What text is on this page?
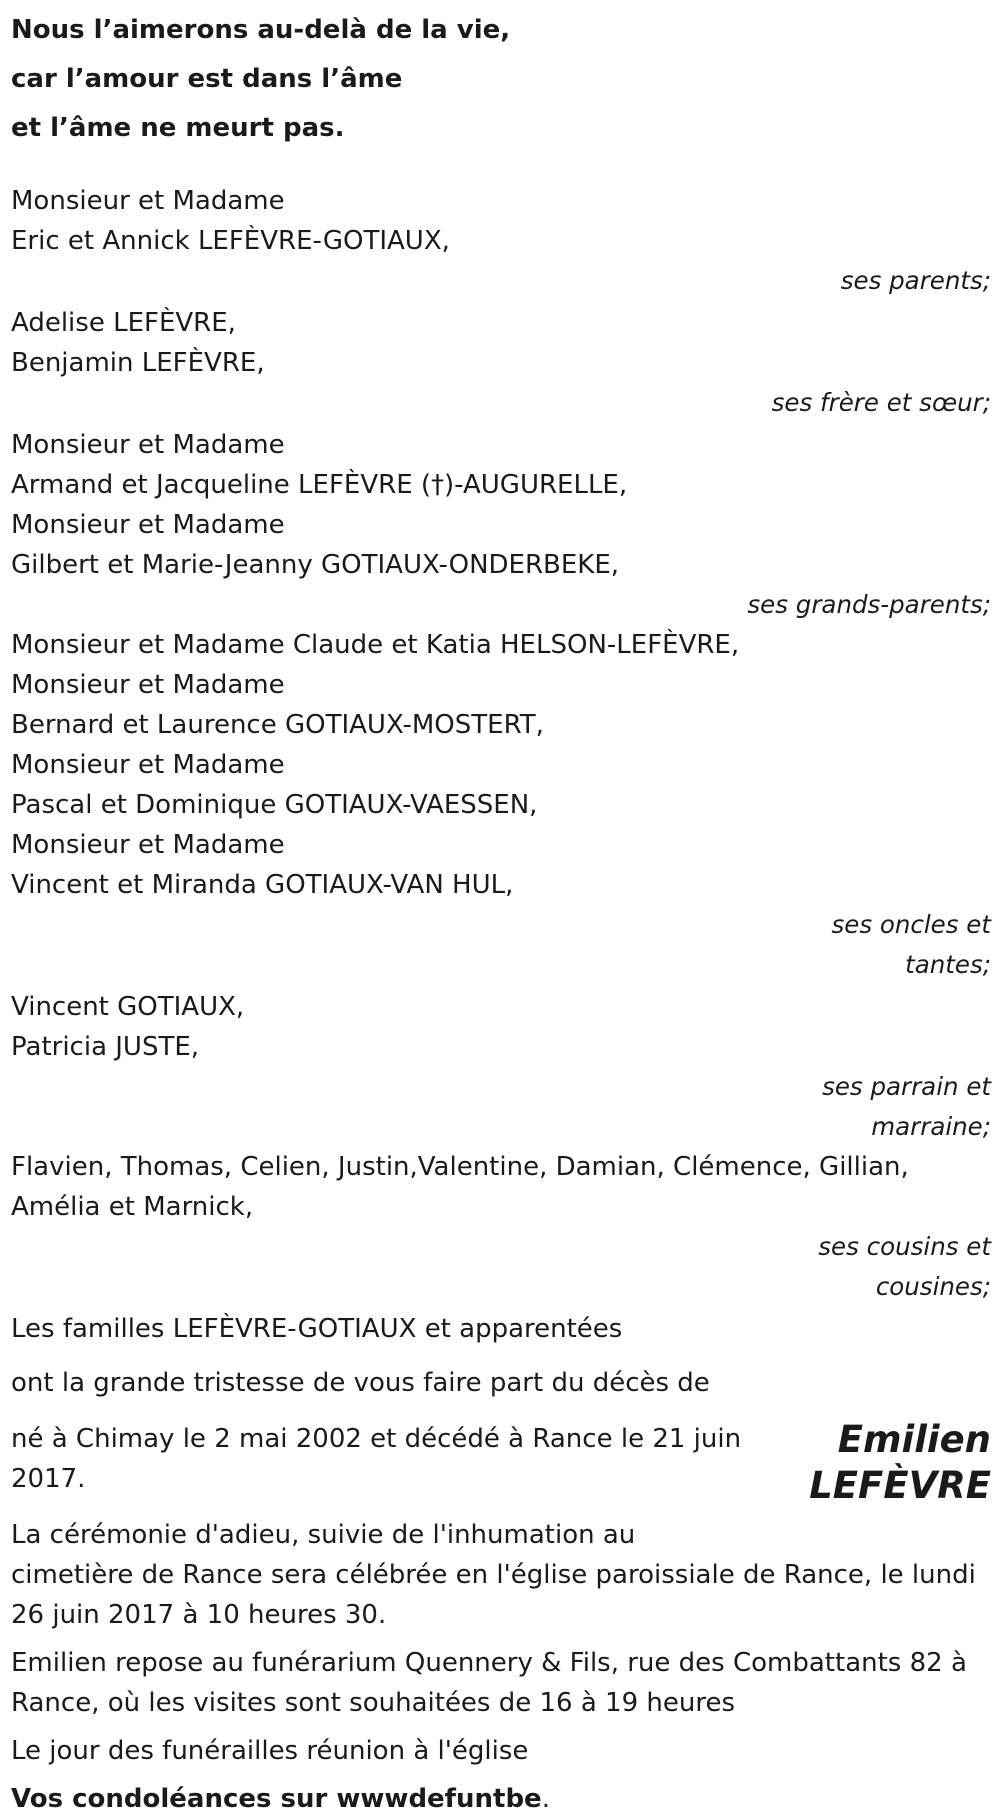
Nous l’aimerons au-delà de la vie,
car l’amour est dans l’âme
et l’âme ne meurt pas.
Monsieur et Madame
Eric et Annick LEFÈVRE-GOTIAUX,
ses parents;
Adelise LEFÈVRE,
Benjamin LEFÈVRE,
ses frère et sœur;
Monsieur et Madame
Armand et Jacqueline LEFÈVRE (†)-AUGURELLE,
Monsieur et Madame
Gilbert et Marie-Jeanny GOTIAUX-ONDERBEKE,
ses grands-parents;
Monsieur et Madame Claude et Katia HELSON-LEFÈVRE,
Monsieur et Madame
Bernard et Laurence GOTIAUX-MOSTERT,
Monsieur et Madame
Pascal et Dominique GOTIAUX-VAESSEN,
Monsieur et Madame
Vincent et Miranda GOTIAUX-VAN HUL,
ses oncles et
tantes;
Vincent GOTIAUX,
Patricia JUSTE,
ses parrain et
marraine;
Flavien, Thomas, Celien, Justin,Valentine, Damian, Clémence, Gillian,
Amélia et Marnick,
ses cousins et
cousines;
Les familles LEFÈVRE-GOTIAUX et apparentées
ont la grande tristesse de vous faire part du décès de
né à Chimay le 2 mai 2002 et décédé à Rance le 21 juin
2017.
Emilien
LEFÈVRE
La cérémonie d'adieu, suivie de l'inhumation au
cimetière de Rance sera célébrée en l'église paroissiale de Rance, le lundi
26 juin 2017 à 10 heures 30.
Emilien repose au funérarium Quennery & Fils, rue des Combattants 82 à
Rance, où les visites sont souhaitées de 16 à 19 heures
Le jour des funérailles réunion à l'église
Vos condoléances sur wwwdefuntbe.
